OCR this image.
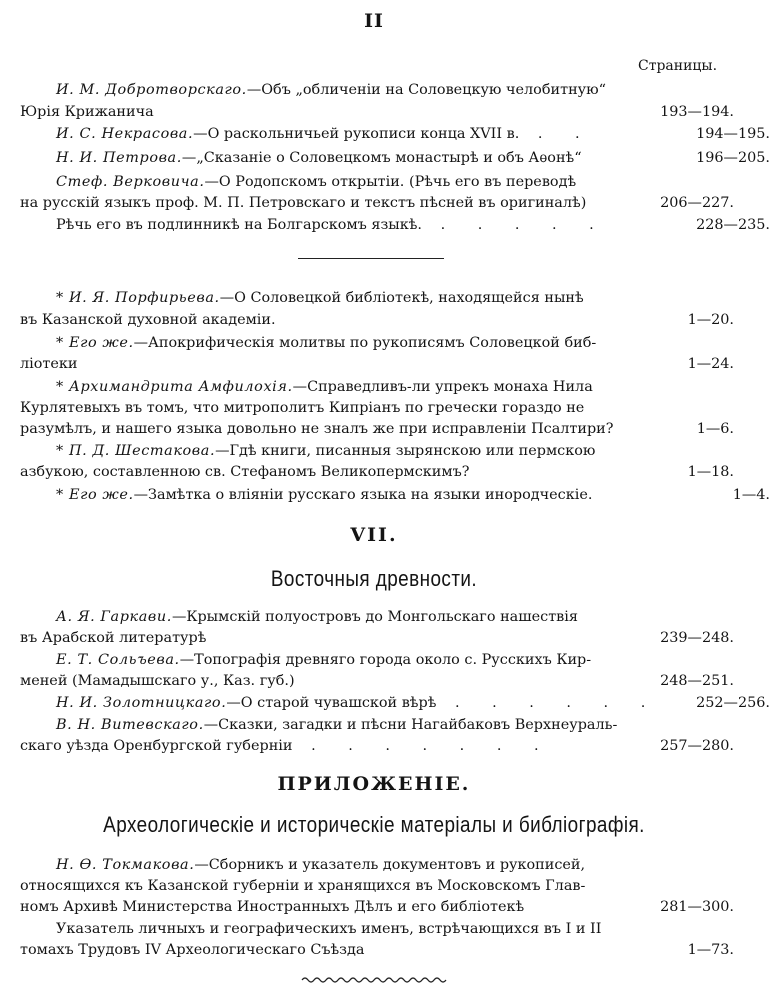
II
Страницы.
И. М. Добротворскаго.—Объ „обличеніи на Соловецкую челобитную“
Юрія Крижанича	193—194.
И. С. Некрасова.—О раскольничьей рукописи конца XVII в. . .	194—195.
Н. И. Петрова.—„Сказаніе о Соловецкомъ монастырѣ и объ Аѳонѣ“	196—205.
Стеф. Верковича.—О Родопскомъ открытіи. (Рѣчь его въ переводѣ
на русскій языкъ проф. М. П. Петровскаго и текстъ пѣсней въ оригиналѣ)	206—227.
Рѣчь его въ подлинникѣ на Болгарскомъ языкѣ. . . . . .	228—235.
* И. Я. Порфирьева.—О Соловецкой библіотекѣ, находящейся нынѣ
въ Казанской духовной академіи.	1—20.
* Его же.—Апокрифическія молитвы по рукописямъ Соловецкой биб-
ліотеки	1—24.
* Архимандрита Амфилохія.—Справедливъ-ли упрекъ монаха Нила
Курлятевыхъ въ томъ, что митрополитъ Кипріанъ по гречески гораздо не
разумѣлъ, и нашего языка довольно не зналъ же при исправленіи Псалтири?	1—6.
* П. Д. Шестакова.—Гдѣ книги, писанныя зырянскою или пермскою
азбукою, составленною св. Стефаномъ Великопермскимъ?	1—18.
* Его же.—Замѣтка о вліяніи русскаго языка на языки инородческіе.	1—4.
VII.
Восточныя древности.
А. Я. Гаркави.—Крымскій полуостровъ до Монгольскаго нашествія
въ Арабской литературѣ	239—248.
Е. Т. Сольъева.—Топографія древняго города около с. Русскихъ Кир-
меней (Мамадышскаго у., Каз. губ.)	248—251.
Н. И. Золотницкаго.—О старой чувашской вѣрѣ . . . . . .	252—256.
В. Н. Витевскаго.—Сказки, загадки и пѣсни Нагайбаковъ Верхнеураль-
скаго уѣзда Оренбургской губерніи . . . . . . .	257—280.
ПРИЛОЖЕНІЕ.
Археологическіе и историческіе матеріалы и библіографія.
Н. Ѳ. Токмакова.—Сборникъ и указатель документовъ и рукописей,
относящихся къ Казанской губерніи и хранящихся въ Московскомъ Глав-
номъ Архивѣ Министерства Иностранныхъ Дѣлъ и его библіотекѣ	281—300.
Указатель личныхъ и географическихъ именъ, встрѣчающихся въ I и II
томахъ Трудовъ IV Археологическаго Съѣзда	1—73.
